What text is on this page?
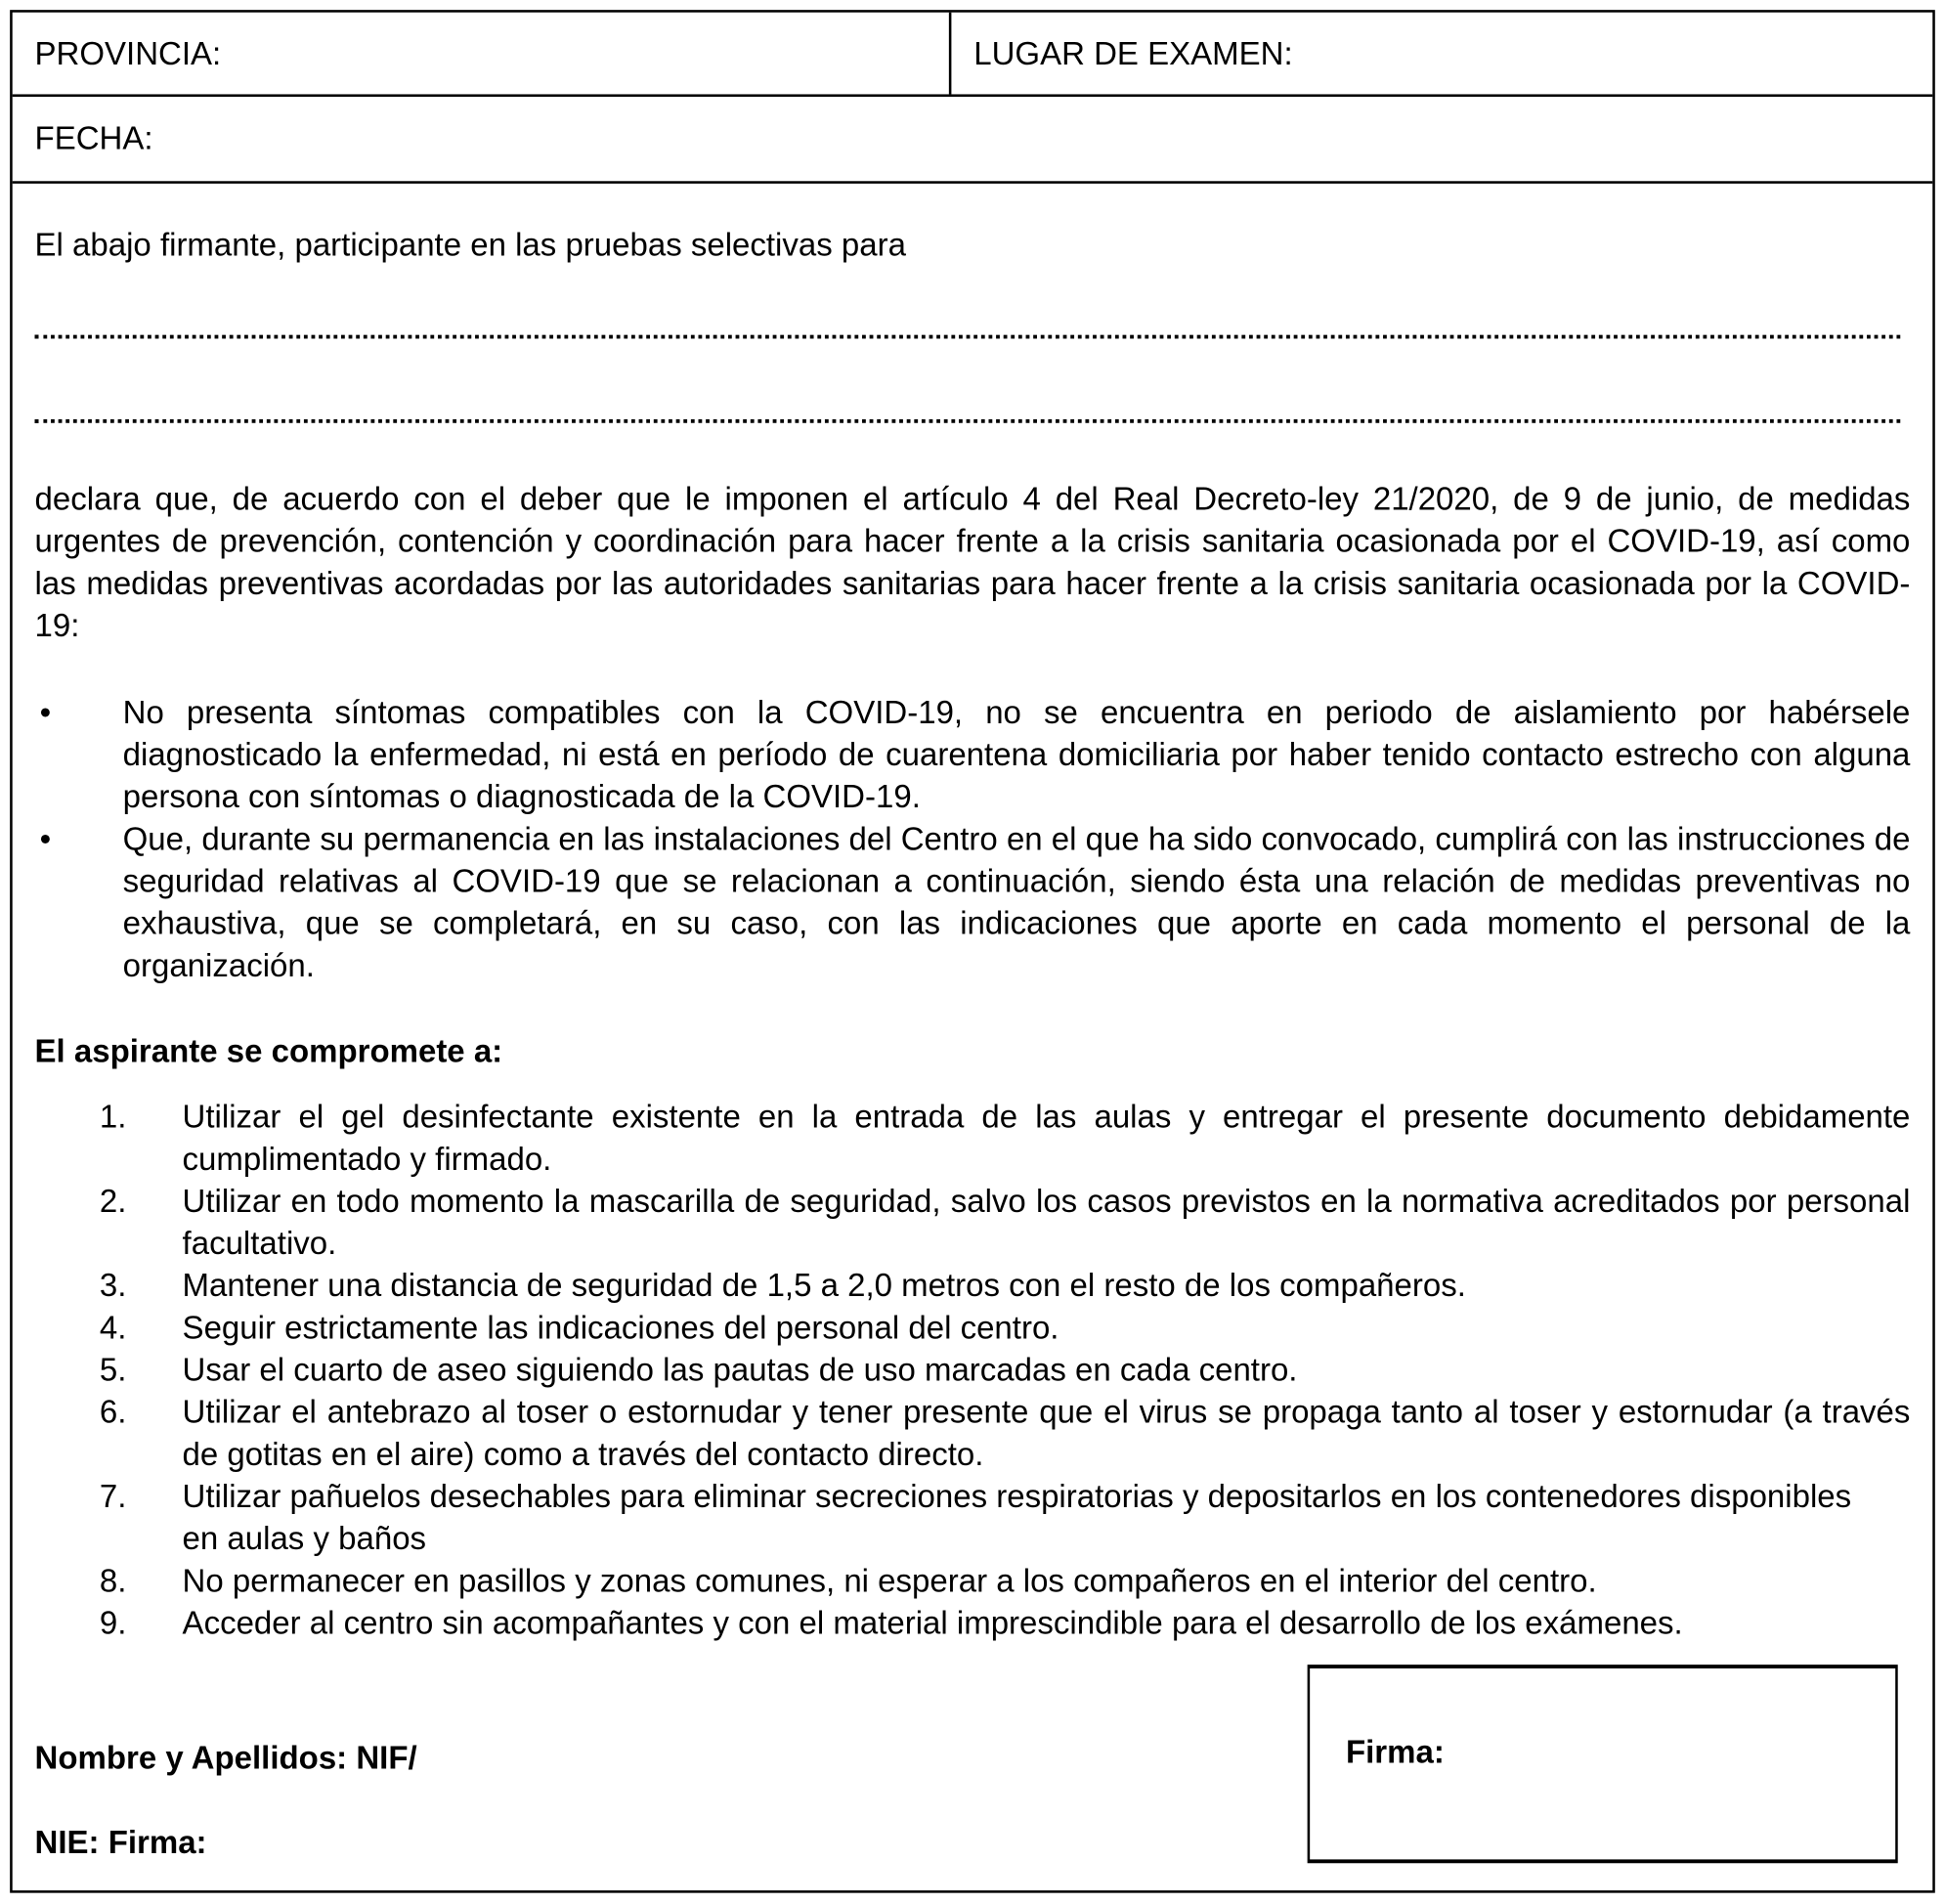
PROVINCIA:	LUGAR DE EXAMEN:
FECHA:
El abajo firmante, participante en las pruebas selectivas para
declara que, de acuerdo con el deber que le imponen el artículo 4 del Real Decreto-ley 21/2020, de 9 de junio, de medidas urgentes de prevención, contención y coordinación para hacer frente a la crisis sanitaria ocasionada por el COVID-19, así como las medidas preventivas acordadas por las autoridades sanitarias para hacer frente a la crisis sanitaria ocasionada por la COVID-19:
•	No presenta síntomas compatibles con la COVID-19, no se encuentra en periodo de aislamiento por habérsele diagnosticado la enfermedad, ni está en período de cuarentena domiciliaria por haber tenido contacto estrecho con alguna persona con síntomas o diagnosticada de la COVID-19.
•	Que, durante su permanencia en las instalaciones del Centro en el que ha sido convocado, cumplirá con las instrucciones de seguridad relativas al COVID-19 que se relacionan a continuación, siendo ésta una relación de medidas preventivas no exhaustiva, que se completará, en su caso, con las indicaciones que aporte en cada momento el personal de la organización.
El aspirante se compromete a:
1. Utilizar el gel desinfectante existente en la entrada de las aulas y entregar el presente documento debidamente cumplimentado y firmado.
2. Utilizar en todo momento la mascarilla de seguridad, salvo los casos previstos en la normativa acreditados por personal facultativo.
3. Mantener una distancia de seguridad de 1,5 a 2,0 metros con el resto de los compañeros.
4. Seguir estrictamente las indicaciones del personal del centro.
5. Usar el cuarto de aseo siguiendo las pautas de uso marcadas en cada centro.
6. Utilizar el antebrazo al toser o estornudar y tener presente que el virus se propaga tanto al toser y estornudar (a través de gotitas en el aire) como a través del contacto directo.
7. Utilizar pañuelos desechables para eliminar secreciones respiratorias y depositarlos en los contenedores disponibles en aulas y baños
8. No permanecer en pasillos y zonas comunes, ni esperar a los compañeros en el interior del centro.
9. Acceder al centro sin acompañantes y con el material imprescindible para el desarrollo de los exámenes.
Nombre y Apellidos: NIF/
NIE: Firma:
Firma:
